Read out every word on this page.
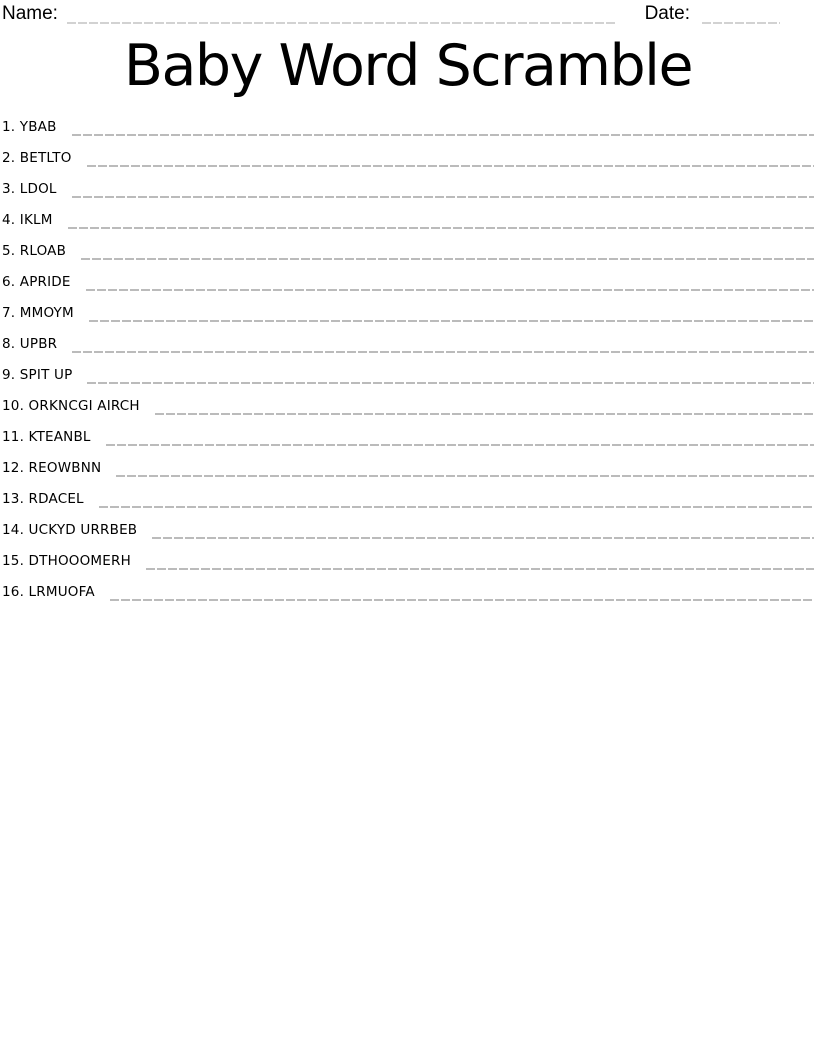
Name:	Date:
Baby Word Scramble
1. YBAB
2. BETLTO
3. LDOL
4. IKLM
5. RLOAB
6. APRIDE
7. MMOYM
8. UPBR
9. SPIT UP
10. ORKNCGI AIRCH
11. KTEANBL
12. REOWBNN
13. RDACEL
14. UCKYD URRBEB
15. DTHOOOMERH
16. LRMUOFA
